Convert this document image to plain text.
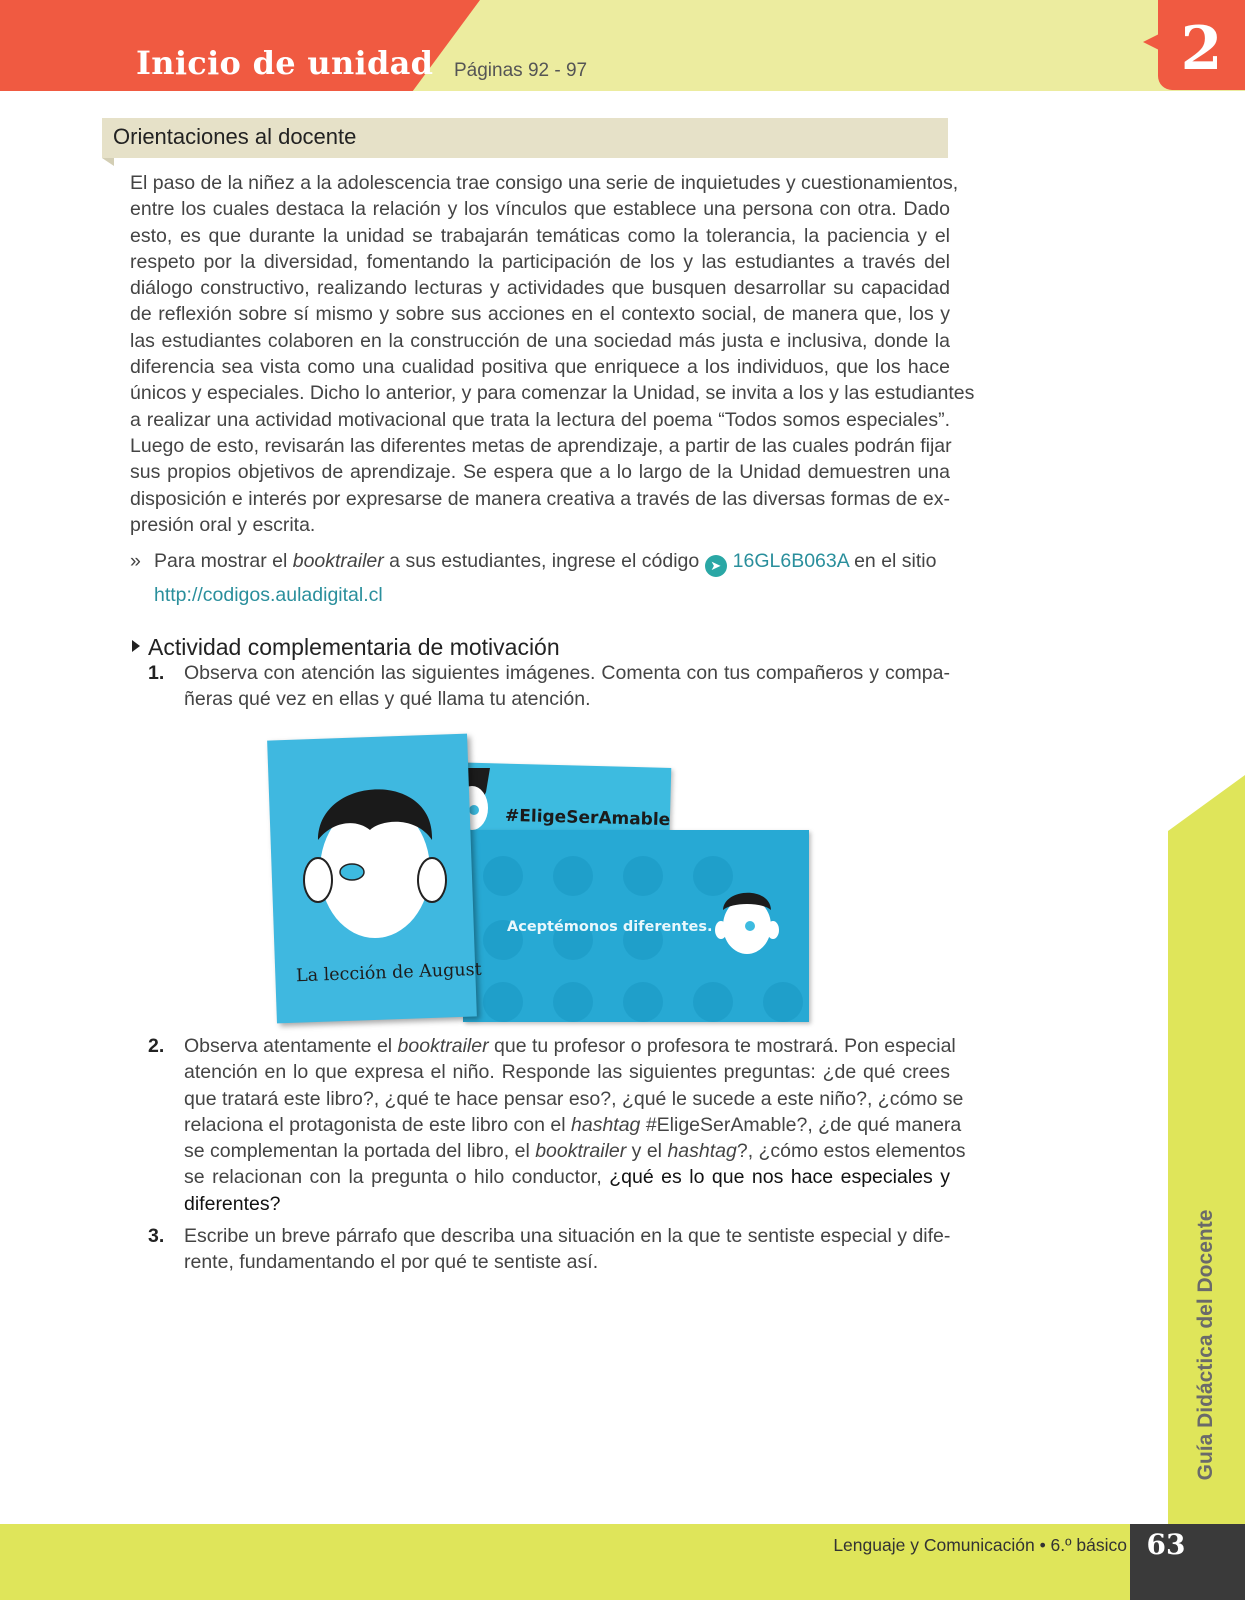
Inicio de unidad Páginas 92 - 97	2
Orientaciones al docente
El paso de la niñez a la adolescencia trae consigo una serie de inquietudes y cuestionamientos,
entre los cuales destaca la relación y los vínculos que establece una persona con otra. Dado
esto, es que durante la unidad se trabajarán temáticas como la tolerancia, la paciencia y el
respeto por la diversidad, fomentando la participación de los y las estudiantes a través del
diálogo constructivo, realizando lecturas y actividades que busquen desarrollar su capacidad
de reflexión sobre sí mismo y sobre sus acciones en el contexto social, de manera que, los y
las estudiantes colaboren en la construcción de una sociedad más justa e inclusiva, donde la
diferencia sea vista como una cualidad positiva que enriquece a los individuos, que los hace
únicos y especiales. Dicho lo anterior, y para comenzar la Unidad, se invita a los y las estudiantes
a realizar una actividad motivacional que trata la lectura del poema “Todos somos especiales”.
Luego de esto, revisarán las diferentes metas de aprendizaje, a partir de las cuales podrán fijar
sus propios objetivos de aprendizaje. Se espera que a lo largo de la Unidad demuestren una
disposición e interés por expresarse de manera creativa a través de las diversas formas de ex-
presión oral y escrita.
» Para mostrar el booktrailer a sus estudiantes, ingrese el código ➤ 16GL6B063A en el sitio
http://codigos.auladigital.cl
Actividad complementaria de motivación
1. Observa con atención las siguientes imágenes. Comenta con tus compañeros y compa-
ñeras qué vez en ellas y qué llama tu atención.
#EligeSerAmable
Aceptémonos diferentes.
La lección de August
2. Observa atentamente el booktrailer que tu profesor o profesora te mostrará. Pon especial
atención en lo que expresa el niño. Responde las siguientes preguntas: ¿de qué crees
que tratará este libro?, ¿qué te hace pensar eso?, ¿qué le sucede a este niño?, ¿cómo se
relaciona el protagonista de este libro con el hashtag #EligeSerAmable?, ¿de qué manera
se complementan la portada del libro, el booktrailer y el hashtag?, ¿cómo estos elementos
se relacionan con la pregunta o hilo conductor, ¿qué es lo que nos hace especiales y
diferentes?
3. Escribe un breve párrafo que describa una situación en la que te sentiste especial y dife-
rente, fundamentando el por qué te sentiste así.	Guía Didáctica del Docente
Lenguaje y Comunicación • 6.º básico 63
